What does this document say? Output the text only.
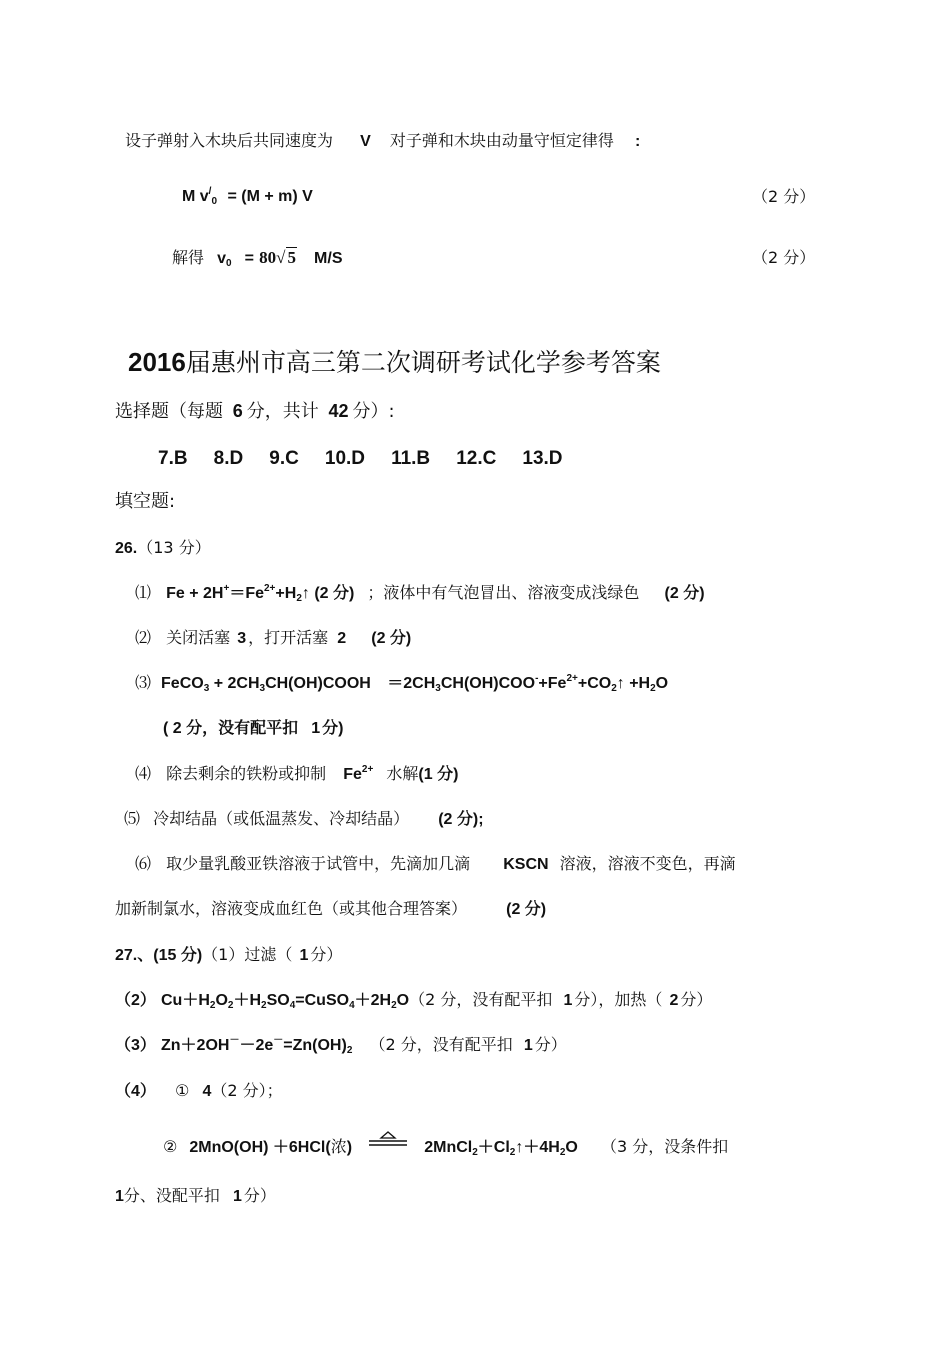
设子弹射入木块后共同速度为 V 对子弹和木块由动量守恒定律得 :
M $v^/_0 = (M + m)$ V	（2 分）
解得 $v_0 = 80√$ 5 M/S	（2 分）
2016届惠州市高三第二次调研考试化学参考答案
选择题（每题 6 分，共计 42 分）:
7.B 8.D 9.C 10.D 11.B 12.C 13.D
填空题:
26.（13 分）
⑴ $Fe + 2H^+=Fe^{2+}+H_2↑$ (2 分) ；液体中有气泡冒出、溶液变成浅绿色 (2 分)
⑵ 关闭活塞 3 ，打开活塞 2 (2 分)
⑶ FeCO$_3$ + $2CH_3CH(OH)COOH$ $=2CH_3CH(OH)COO^-+Fe^{2+}+CO_2↑ +H_2O$
( 2 分，没有配平扣 1 分)
⑷ 除去剩余的铁粉或抑制 $Fe^{2+}$ 水解(1 分)
⑸ 冷却结晶（或低温蒸发、冷却结晶） (2 分);
⑹ 取少量乳酸亚铁溶液于试管中，先滴加几滴 KSCN 溶液，溶液不变色，再滴
加新制氯水，溶液变成血红色（或其他合理答案） (2 分)
27.、(15 分)（1）过滤（ 1 分）
（2） $Cu+H_2O_2+H_2SO_4=CuSO_4+2H_2O(2$ 分，没有配平扣 1 分），加热（ 2 分）
（3） $Zn+2OH^--2e^-=Zn(OH)_2$ （2 分，没有配平扣 1 分）
（4） ① 4（2 分）；
② 2MnO(OH) ＋6HCl(浓)	$2MnCl_2+Cl_2↑+4H_2O$ （3 分，没条件扣
1分、没配平扣 1 分）
